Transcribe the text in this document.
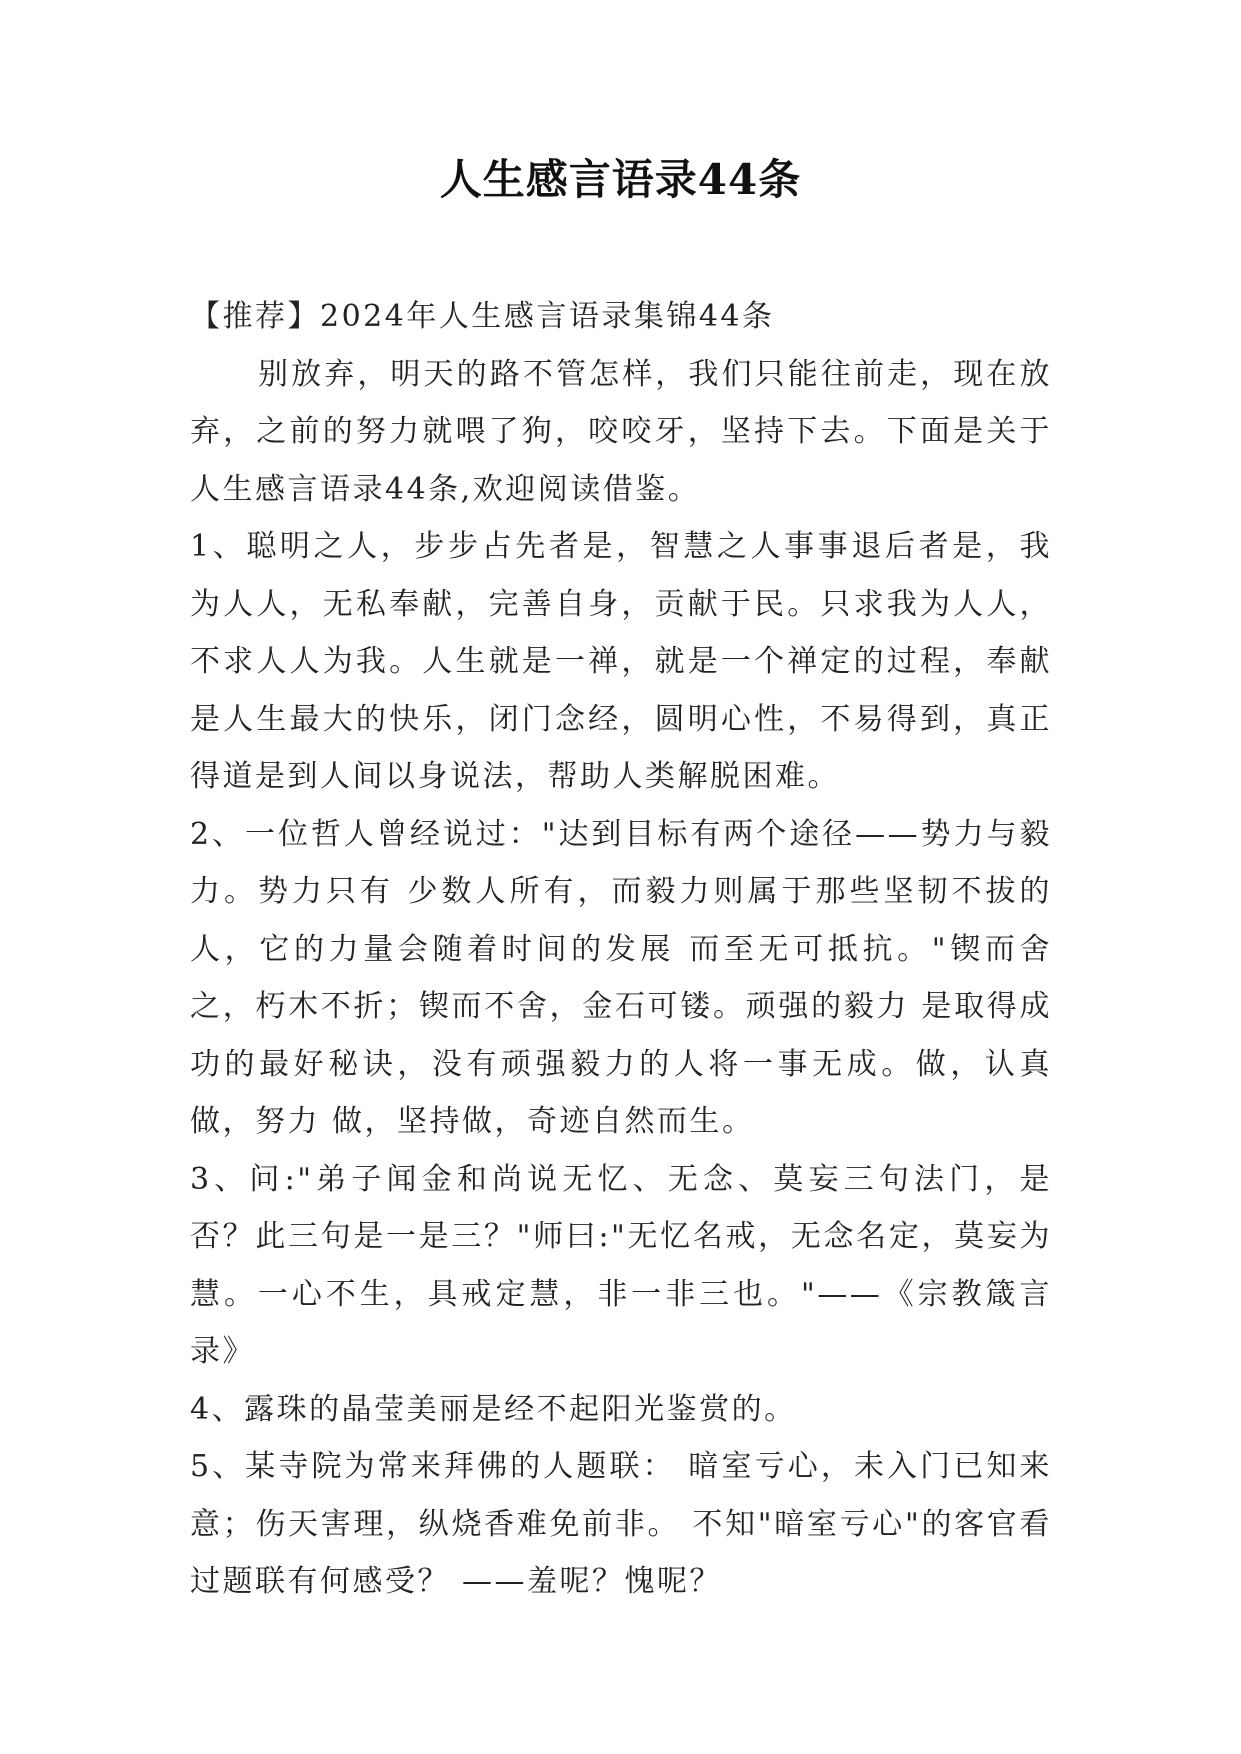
人生感言语录44条

【推荐】2024年人生感言语录集锦44条

别放弃，明天的路不管怎样，我们只能往前走，现在放弃，之前的努力就喂了狗，咬咬牙，坚持下去。下面是关于人生感言语录44条,欢迎阅读借鉴。

1、聪明之人，步步占先者是，智慧之人事事退后者是，我为人人，无私奉献，完善自身，贡献于民。只求我为人人，不求人人为我。人生就是一禅，就是一个禅定的过程，奉献是人生最大的快乐，闭门念经，圆明心性，不易得到，真正得道是到人间以身说法，帮助人类解脱困难。

2、一位哲人曾经说过："达到目标有两个途径——势力与毅力。势力只有 少数人所有，而毅力则属于那些坚韧不拔的人，它的力量会随着时间的发展 而至无可抵抗。"锲而舍之，朽木不折；锲而不舍，金石可镂。顽强的毅力 是取得成功的最好秘诀，没有顽强毅力的人将一事无成。做，认真做，努力 做，坚持做，奇迹自然而生。

3、问:"弟子闻金和尚说无忆、无念、莫妄三句法门，是否？此三句是一是三？"师曰:"无忆名戒，无念名定，莫妄为慧。一心不生，具戒定慧，非一非三也。"——《宗教箴言录》

4、露珠的晶莹美丽是经不起阳光鉴赏的。

5、某寺院为常来拜佛的人题联： 暗室亏心，未入门已知来意；伤天害理，纵烧香难免前非。 不知"暗室亏心"的客官看过题联有何感受？ ——羞呢？愧呢？
